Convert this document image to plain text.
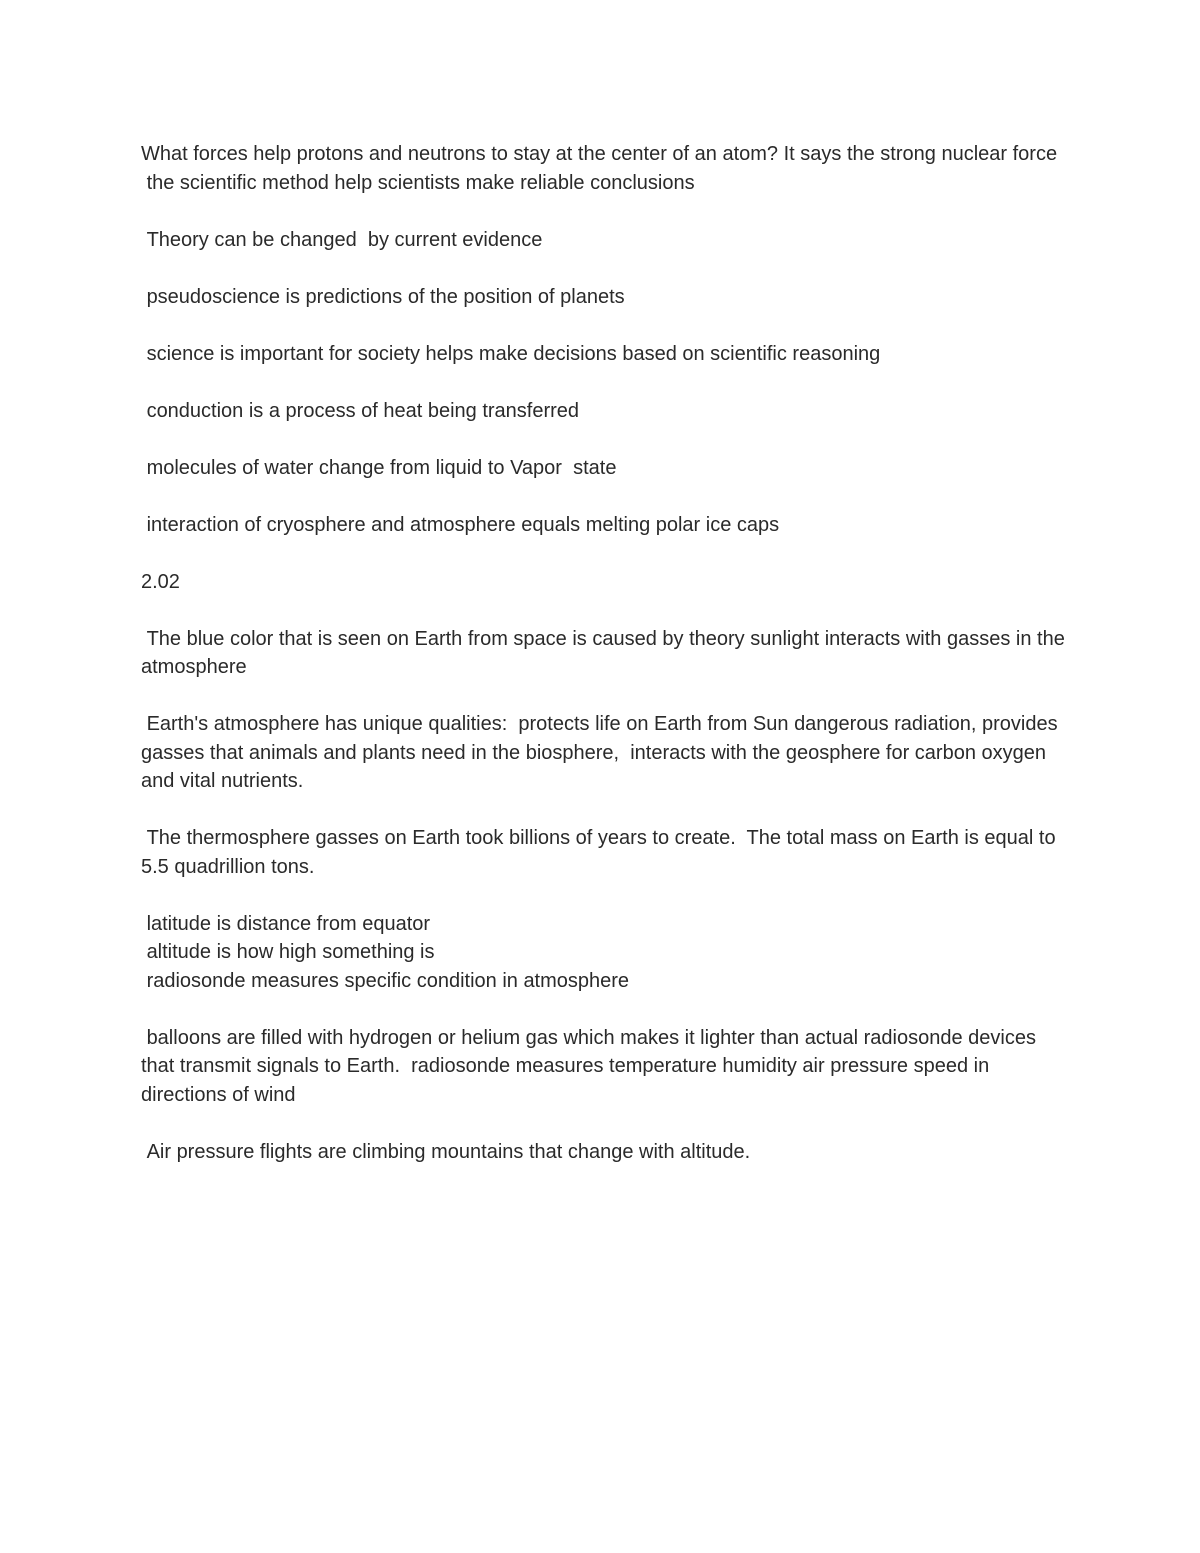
What forces help protons and neutrons to stay at the center of an atom? It says the strong nuclear force

the scientific method help scientists make reliable conclusions

Theory can be changed  by current evidence

pseudoscience is predictions of the position of planets

science is important for society helps make decisions based on scientific reasoning

conduction is a process of heat being transferred

molecules of water change from liquid to Vapor  state

interaction of cryosphere and atmosphere equals melting polar ice caps

2.02

The blue color that is seen on Earth from space is caused by theory sunlight interacts with gasses in the atmosphere

Earth's atmosphere has unique qualities:  protects life on Earth from Sun dangerous radiation, provides gasses that animals and plants need in the biosphere,  interacts with the geosphere for carbon oxygen and vital nutrients.

The thermosphere gasses on Earth took billions of years to create.  The total mass on Earth is equal to 5.5 quadrillion tons.

latitude is distance from equator

altitude is how high something is

radiosonde measures specific condition in atmosphere

balloons are filled with hydrogen or helium gas which makes it lighter than actual radiosonde devices that transmit signals to Earth.  radiosonde measures temperature humidity air pressure speed in directions of wind

Air pressure flights are climbing mountains that change with altitude.
